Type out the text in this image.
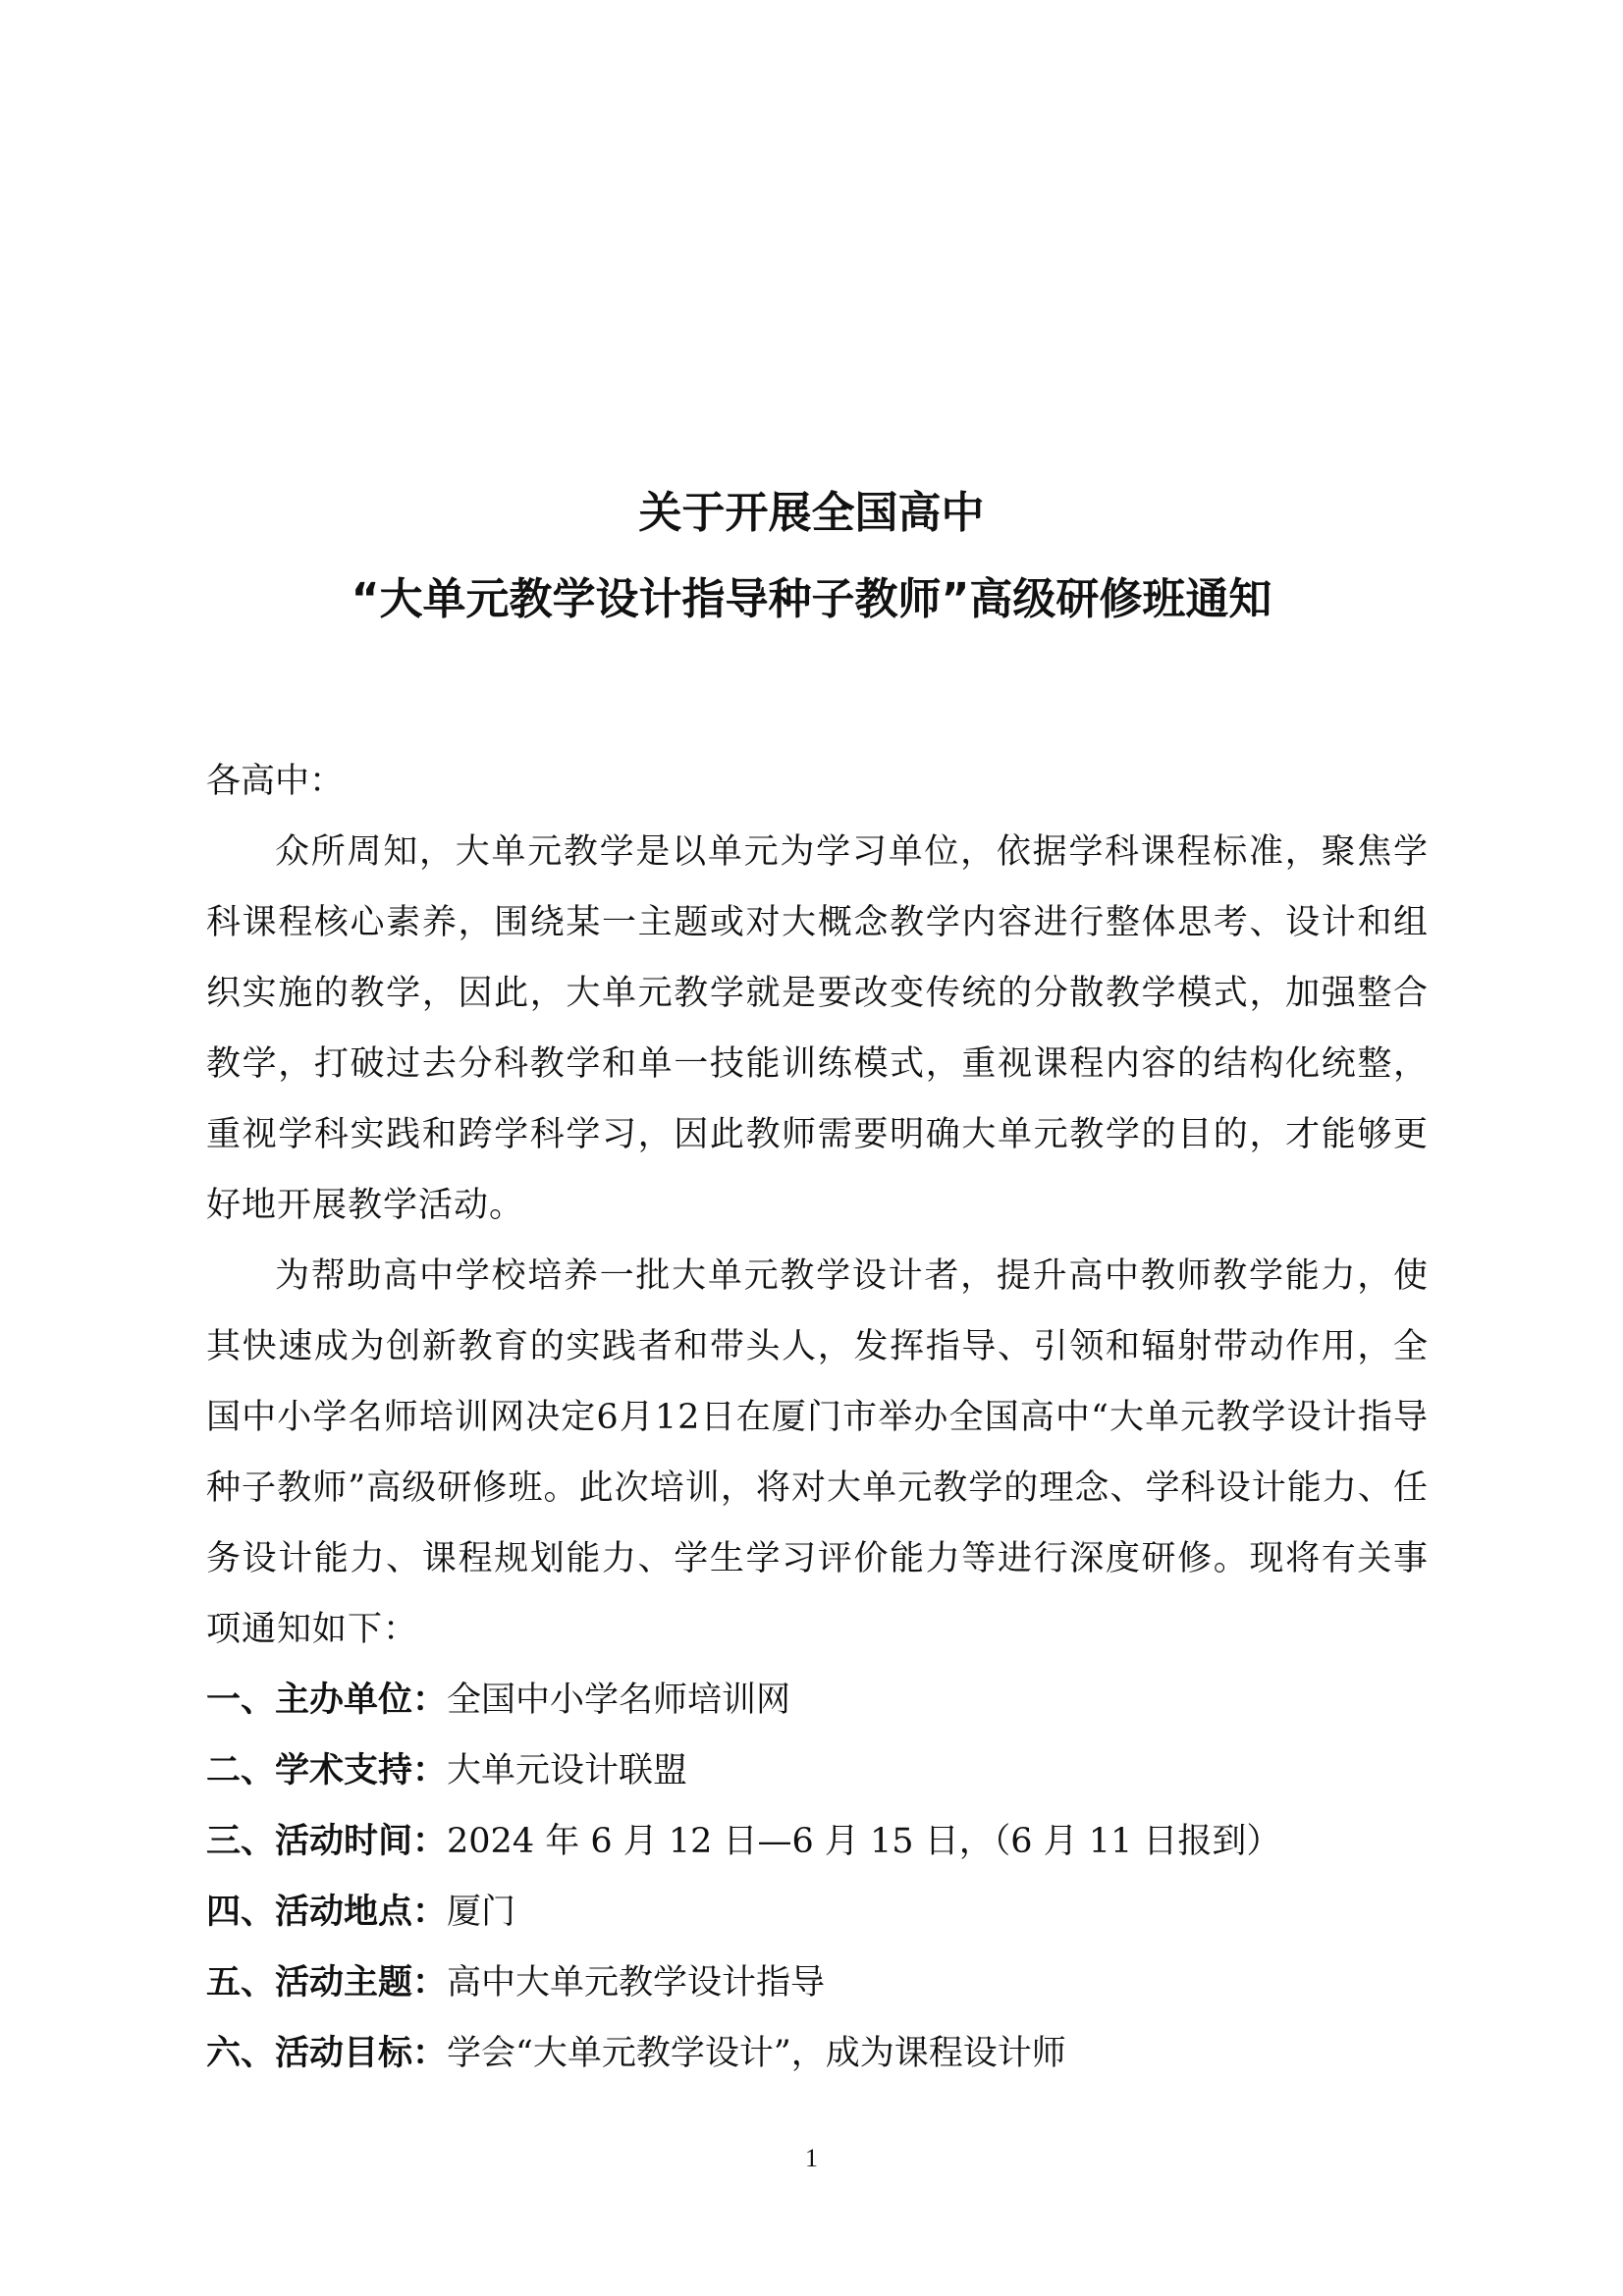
关于开展全国高中
“大单元教学设计指导种子教师”高级研修班通知

各高中：

众所周知，大单元教学是以单元为学习单位，依据学科课程标准，聚焦学科课程核心素养，围绕某一主题或对大概念教学内容进行整体思考、设计和组织实施的教学，因此，大单元教学就是要改变传统的分散教学模式，加强整合教学，打破过去分科教学和单一技能训练模式，重视课程内容的结构化统整，重视学科实践和跨学科学习，因此教师需要明确大单元教学的目的，才能够更好地开展教学活动。

为帮助高中学校培养一批大单元教学设计者，提升高中教师教学能力，使其快速成为创新教育的实践者和带头人，发挥指导、引领和辐射带动作用，全国中小学名师培训网决定6月12日在厦门市举办全国高中“大单元教学设计指导种子教师”高级研修班。此次培训，将对大单元教学的理念、学科设计能力、任务设计能力、课程规划能力、学生学习评价能力等进行深度研修。现将有关事项通知如下：

一、主办单位：全国中小学名师培训网

二、学术支持：大单元设计联盟

三、活动时间：2024 年 6 月 12 日—6 月 15 日，（6 月 11 日报到）

四、活动地点：厦门

五、活动主题：高中大单元教学设计指导

六、活动目标：学会“大单元教学设计”，成为课程设计师

1
